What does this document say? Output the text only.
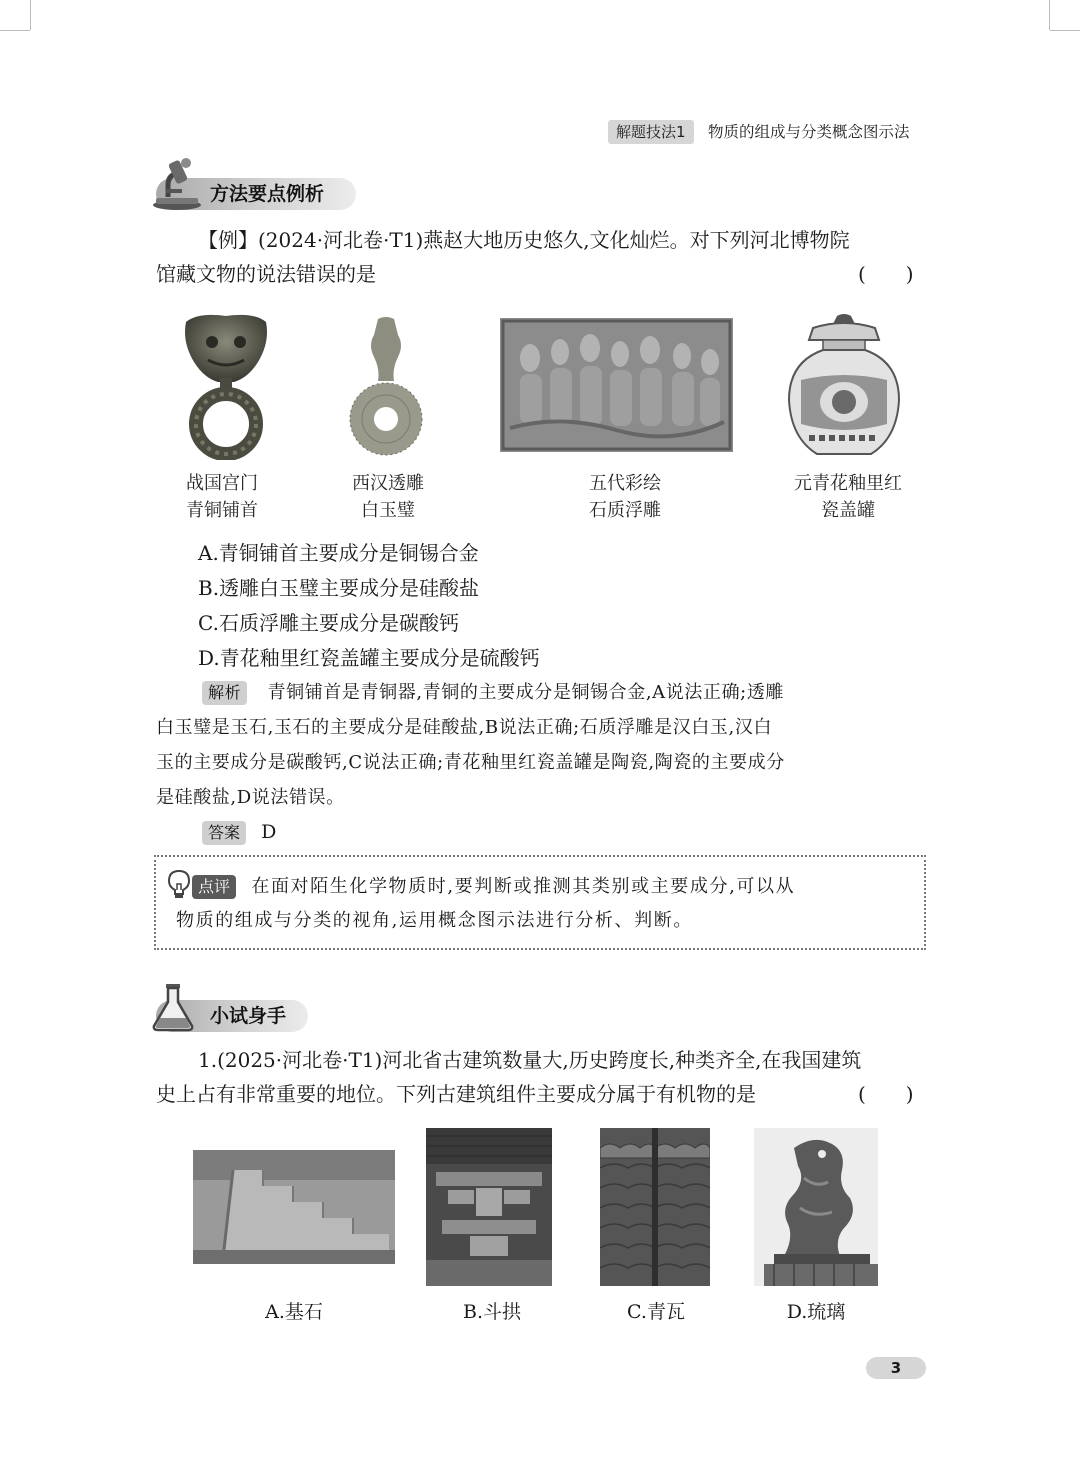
解题技法1	物质的组成与分类概念图示法
方法要点例析
【例】(2024·河北卷·T1)燕赵大地历史悠久,文化灿烂。对下列河北博物院
馆藏文物的说法错误的是	(　　)
战国宫门
青铜铺首
西汉透雕
白玉璧
五代彩绘
石质浮雕
元青花釉里红
瓷盖罐
A.青铜铺首主要成分是铜锡合金
B.透雕白玉璧主要成分是硅酸盐
C.石质浮雕主要成分是碳酸钙
D.青花釉里红瓷盖罐主要成分是硫酸钙
解析 青铜铺首是青铜器,青铜的主要成分是铜锡合金,A说法正确;透雕
白玉璧是玉石,玉石的主要成分是硅酸盐,B说法正确;石质浮雕是汉白玉,汉白
玉的主要成分是碳酸钙,C说法正确;青花釉里红瓷盖罐是陶瓷,陶瓷的主要成分
是硅酸盐,D说法错误。
答案 D
点评 在面对陌生化学物质时,要判断或推测其类别或主要成分,可以从
物质的组成与分类的视角,运用概念图示法进行分析、判断。
小试身手
1.(2025·河北卷·T1)河北省古建筑数量大,历史跨度长,种类齐全,在我国建筑
史上占有非常重要的地位。下列古建筑组件主要成分属于有机物的是	(　　)
A.基石	B.斗拱	C.青瓦	D.琉璃
3
